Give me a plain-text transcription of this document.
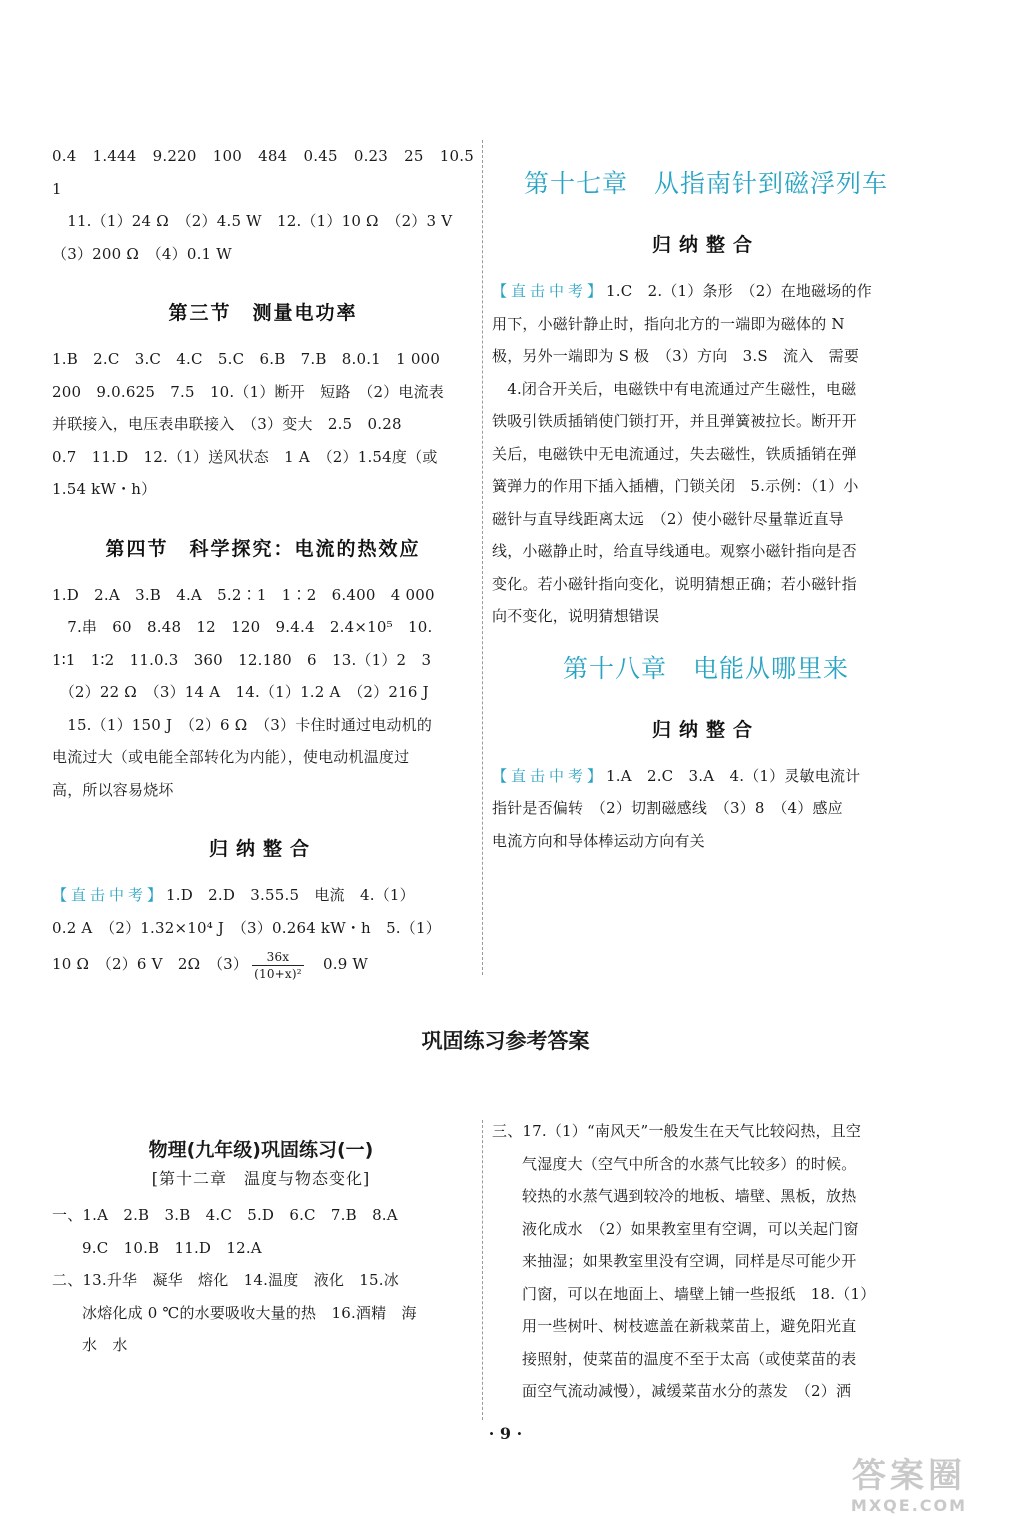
0.4　1.444　9.220　100　484　0.45　0.23　25　10.5　1

　11.（1）24 Ω　（2）4.5 W　12.（1）10 Ω　（2）3 V

（3）200 Ω　（4）0.1 W

第三节　测量电功率

1.B　2.C　3.C　4.C　5.C　6.B　7.B　8.0.1　1 000

200　9.0.625　7.5　10.（1）断开　短路　（2）电流表

并联接入，电压表串联接入　（3）变大　2.5　0.28

0.7　11.D　12.（1）送风状态　1 A　（2）1.54度（或

1.54 kW・h）

第四节　科学探究：电流的热效应

1.D　2.A　3.B　4.A　5.2∶1　1∶2　6.400　4 000

　7.串　60　8.48　12　120　9.4.4　2.4×10⁵　10.

1∶1　1∶2　11.0.3　360　12.180　6　13.（1）2　3

　（2）22 Ω　（3）14 A　14.（1）1.2 A　（2）216 J

　15.（1）150 J　（2）6 Ω　（3）卡住时通过电动机的

电流过大（或电能全部转化为内能），使电动机温度过

高，所以容易烧坏

归纳整合

【直击中考】1.D　2.D　3.55.5　电流　4.（1）

0.2 A　（2）1.32×10⁴ J　（3）0.264 kW・h　5.（1）

10 Ω　（2）6 V　2Ω　$(3) \frac{36x}{\text{(10+x)²}}$
　 0.9 W

第十七章　从指南针到磁浮列车
归纳整合

【直击中考】1.C　2.（1）条形　（2）在地磁场的作

用下，小磁针静止时，指向北方的一端即为磁体的 N

极，另外一端即为 S 极　（3）方向　3.S　流入　需要

　4.闭合开关后，电磁铁中有电流通过产生磁性，电磁

铁吸引铁质插销使门锁打开，并且弹簧被拉长。断开开

关后，电磁铁中无电流通过，失去磁性，铁质插销在弹

簧弹力的作用下插入插槽，门锁关闭　5.示例：（1）小

磁针与直导线距离太远　（2）使小磁针尽量靠近直导

线，小磁静止时，给直导线通电。观察小磁针指向是否

变化。若小磁针指向变化，说明猜想正确；若小磁针指

向不变化，说明猜想错误

第十八章　电能从哪里来
归纳整合

【直击中考】1.A　2.C　3.A　4.（1）灵敏电流计

指针是否偏转　（2）切割磁感线　（3）8　（4）感应

电流方向和导体棒运动方向有关

巩固练习参考答案
物理(九年级)巩固练习(一)
[第十二章　温度与物态变化]

一、1.A　2.B　3.B　4.C　5.D　6.C　7.B　8.A

9.C　10.B　11.D　12.A

二、13.升华　凝华　熔化　14.温度　液化　15.冰

冰熔化成 0 ℃的水要吸收大量的热　16.酒精　海

水　水

三、17.（1）“南风天”一般发生在天气比较闷热，且空

气湿度大（空气中所含的水蒸气比较多）的时候。

较热的水蒸气遇到较冷的地板、墙壁、黑板，放热

液化成水　（2）如果教室里有空调，可以关起门窗

来抽湿；如果教室里没有空调，同样是尽可能少开

门窗，可以在地面上、墙壁上铺一些报纸　18.（1）

用一些树叶、树枝遮盖在新栽菜苗上，避免阳光直

接照射，使菜苗的温度不至于太高（或使菜苗的表

面空气流动减慢），减缓菜苗水分的蒸发　（2）洒

· 9 ·
答案圈
MXQE.COM
